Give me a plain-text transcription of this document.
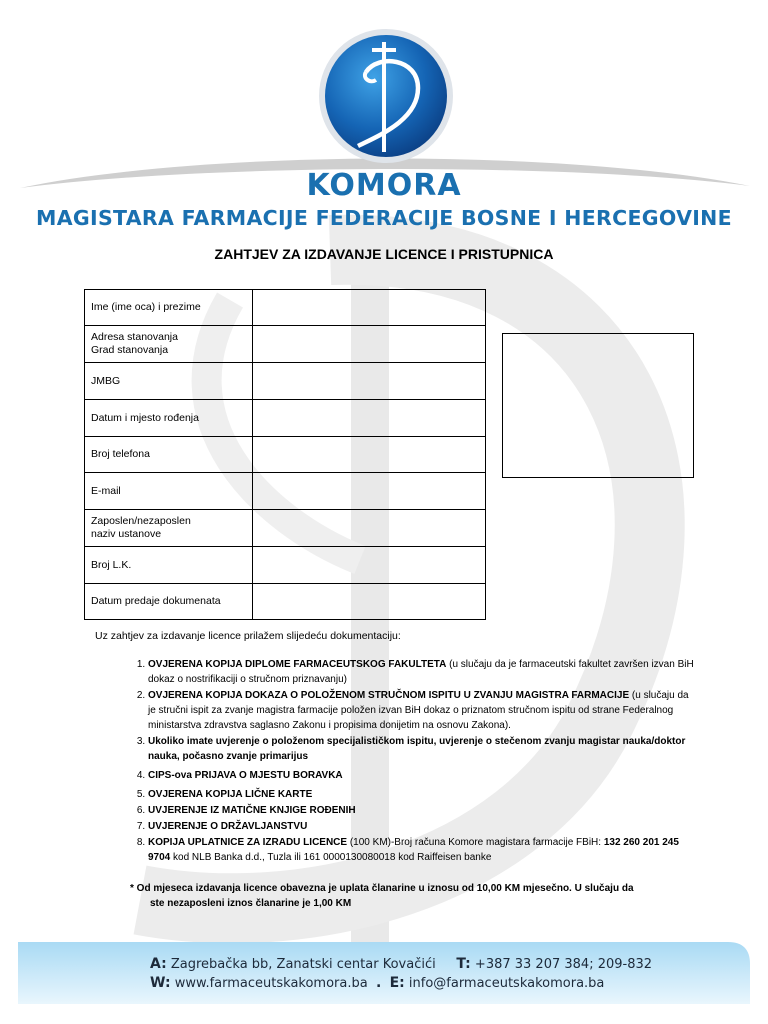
KOMORA
MAGISTARA FARMACIJE FEDERACIJE BOSNE I HERCEGOVINE
ZAHTJEV ZA IZDAVANJE LICENCE I PRISTUPNICA
Ime (ime oca) i prezime	

Adresa stanovanja
Grad stanovanja	

JMBG	

Datum i mjesto rođenja	

Broj telefona	

E-mail	

Zaposlen/nezaposlen
naziv ustanove	

Broj L.K.	

Datum predaje dokumenata	

Uz zahtjev za izdavanje licence prilažem slijedeću dokumentaciju:
1. OVJERENA KOPIJA DIPLOME FARMACEUTSKOG FAKULTETA (u slučaju da je farmaceutski fakultet završen izvan BiH dokaz o nostrifikaciji o stručnom priznavanju)
2. OVJERENA KOPIJA DOKAZA O POLOŽENOM STRUČNOM ISPITU U ZVANJU MAGISTRA FARMACIJE (u slučaju da je stručni ispit za zvanje magistra farmacije položen izvan BiH dokaz o priznatom stručnom ispitu od strane Federalnog ministarstva zdravstva saglasno Zakonu i propisima donijetim na osnovu Zakona).
3. Ukoliko imate uvjerenje o položenom specijalističkom ispitu, uvjerenje o stečenom zvanju magistar nauka/doktor nauka, počasno zvanje primarijus
4. CIPS-ova PRIJAVA O MJESTU BORAVKA
5. OVJERENA KOPIJA LIČNE KARTE
6. UVJERENJE IZ MATIČNE KNJIGE ROĐENIH
7. UVJERENJE O DRŽAVLJANSTVU
8. KOPIJA UPLATNICE ZA IZRADU LICENCE (100 KM)-Broj računa Komore magistara farmacije FBiH: 132 260 201 245 9704 kod NLB Banka d.d., Tuzla ili 161 0000130080018 kod Raiffeisen banke
* Od mjeseca izdavanja licence obavezna je uplata članarine u iznosu od 10,00 KM mjesečno. U slučaju da
ste nezaposleni iznos članarine je 1,00 KM
A: Zagrebačka bb, Zanatski centar Kovačići T: +387 33 207 384; 209-832
W: www.farmaceutskakomora.ba . E: info@farmaceutskakomora.ba
